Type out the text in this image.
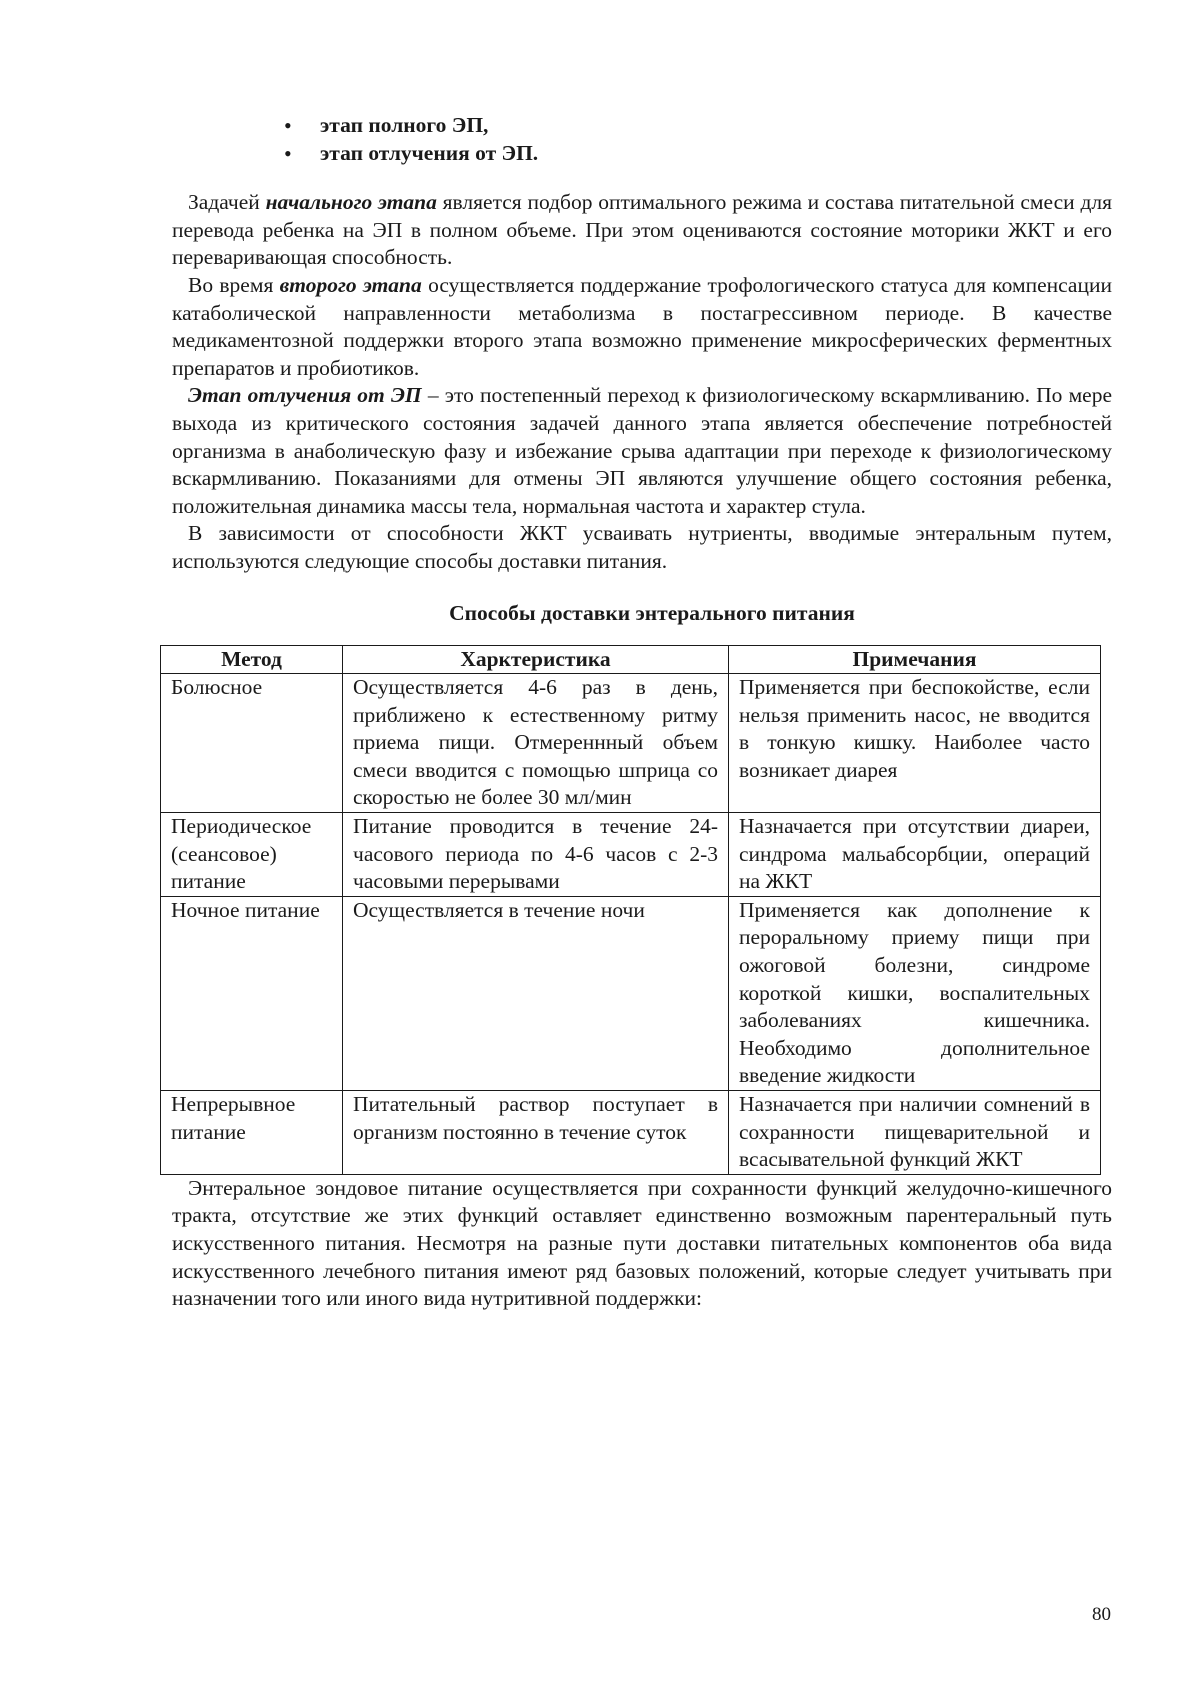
• этап полного ЭП,
• этап отлучения от ЭП.

Задачей начального этапа является подбор оптимального режима и состава питательной смеси для перевода ребенка на ЭП в полном объеме. При этом оцениваются состояние моторики ЖКТ и его переваривающая способность.

Во время второго этапа осуществляется поддержание трофологического статуса для компенсации катаболической направленности метаболизма в постагрессивном периоде. В качестве медикаментозной поддержки второго этапа возможно применение микросферических ферментных препаратов и пробиотиков.

Этап отлучения от ЭП – это постепенный переход к физиологическому вскармливанию. По мере выхода из критического состояния задачей данного этапа является обеспечение потребностей организма в анаболическую фазу и избежание срыва адаптации при переходе к физиологическому вскармливанию. Показаниями для отмены ЭП являются улучшение общего состояния ребенка, положительная динамика массы тела, нормальная частота и характер стула.

В зависимости от способности ЖКТ усваивать нутриенты, вводимые энтеральным путем, используются следующие способы доставки питания.

Способы доставки энтерального питания
Метод	Харктеристика	Примечания
Болюсное	Осуществляется 4-6 раз в день, приближено к естественному ритму приема пищи. Отмереннный объем смеси вводится с помощью шприца со скоростью не более 30 мл/мин	Применяется при беспокойстве, если нельзя применить насос, не вводится в тонкую кишку. Наиболее часто возникает диарея
Периодическое (сеансовое) питание	Питание проводится в течение 24-часового периода по 4-6 часов с 2-3 часовыми перерывами	Назначается при отсутствии диареи, синдрома мальабсорбции, операций на ЖКТ
Ночное питание	Осуществляется в течение ночи	Применяется как дополнение к пероральному приему пищи при ожоговой болезни, синдроме короткой кишки, воспалительных заболеваниях кишечника. Необходимо дополнительное введение жидкости
Непрерывное питание	Питательный раствор поступает в организм постоянно в течение суток	Назначается при наличии сомнений в сохранности пищеварительной и всасывательной функций ЖКТ

Энтеральное зондовое питание осуществляется при сохранности функций желудочно-кишечного тракта, отсутствие же этих функций оставляет единственно возможным парентеральный путь искусственного питания. Несмотря на разные пути доставки питательных компонентов оба вида искусственного лечебного питания имеют ряд базовых положений, которые следует учитывать при назначении того или иного вида нутритивной поддержки:

80
